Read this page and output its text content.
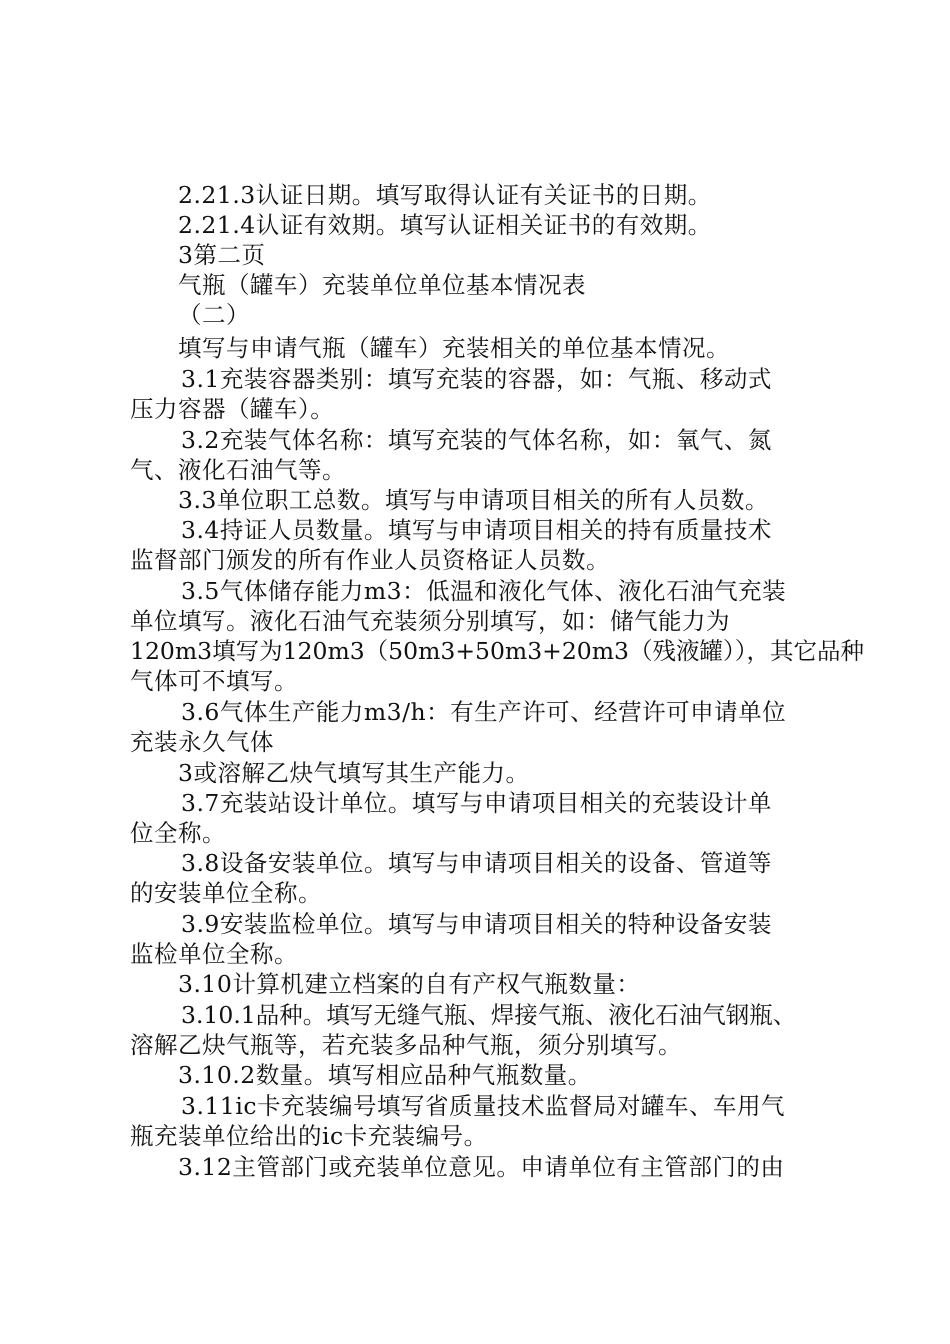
2.21.3认证日期。填写取得认证有关证书的日期。

2.21.4认证有效期。填写认证相关证书的有效期。

3第二页

气瓶（罐车）充装单位单位基本情况表

（二）

填写与申请气瓶（罐车）充装相关的单位基本情况。

3.1充装容器类别：填写充装的容器，如：气瓶、移动式

压力容器（罐车）。

3.2充装气体名称：填写充装的气体名称，如：氧气、氮

气、液化石油气等。

3.3单位职工总数。填写与申请项目相关的所有人员数。

3.4持证人员数量。填写与申请项目相关的持有质量技术

监督部门颁发的所有作业人员资格证人员数。

3.5气体储存能力m3：低温和液化气体、液化石油气充装

单位填写。液化石油气充装须分别填写，如：储气能力为

120m3填写为120m3（50m3+50m3+20m3（残液罐）），其它品种

气体可不填写。

3.6气体生产能力m3/h：有生产许可、经营许可申请单位

充装永久气体

3或溶解乙炔气填写其生产能力。

3.7充装站设计单位。填写与申请项目相关的充装设计单

位全称。

3.8设备安装单位。填写与申请项目相关的设备、管道等

的安装单位全称。

3.9安装监检单位。填写与申请项目相关的特种设备安装

监检单位全称。

3.10计算机建立档案的自有产权气瓶数量：

3.10.1品种。填写无缝气瓶、焊接气瓶、液化石油气钢瓶、

溶解乙炔气瓶等，若充装多品种气瓶，须分别填写。

3.10.2数量。填写相应品种气瓶数量。

3.11ic卡充装编号填写省质量技术监督局对罐车、车用气

瓶充装单位给出的ic卡充装编号。

3.12主管部门或充装单位意见。申请单位有主管部门的由
